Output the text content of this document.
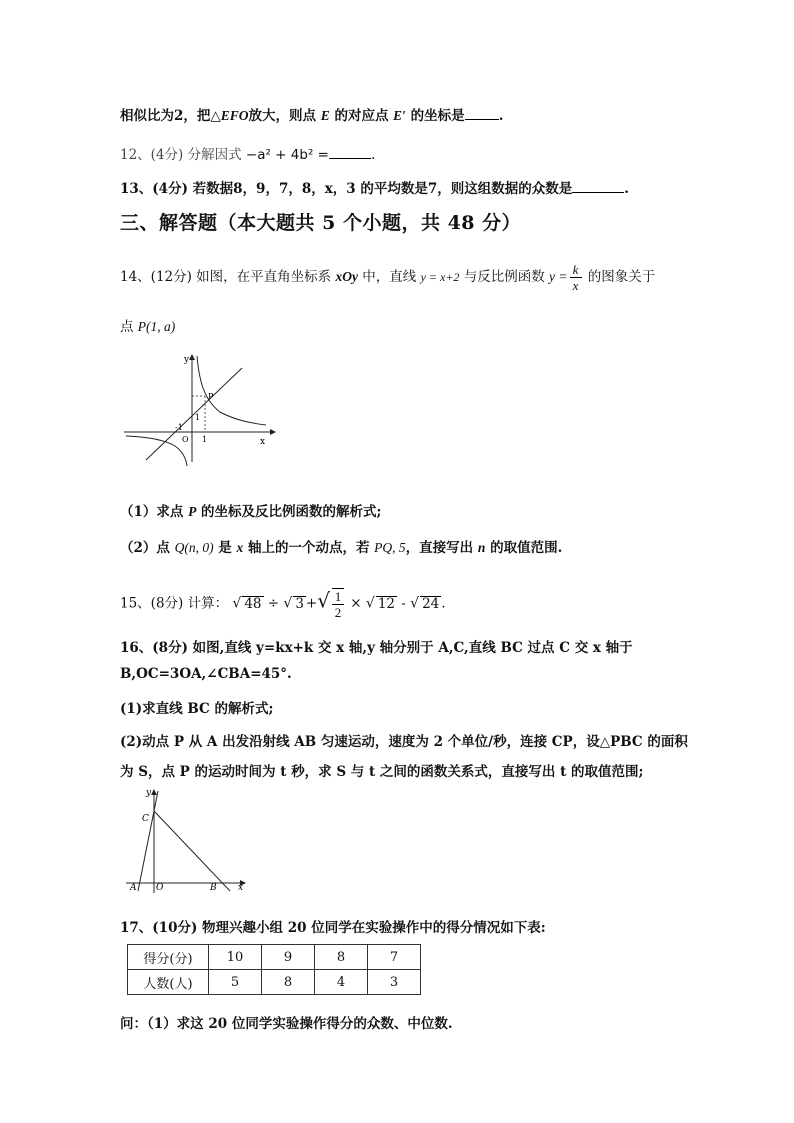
相似比为2，把△EFO放大，则点 E 的对应点 E′ 的坐标是	.
12、(4分) 分解因式 −a² + 4b² =	.
13、(4分) 若数据8，9，7，8，x，3 的平均数是7，则这组数据的众数是	.
三、解答题（本大题共 5 个小题，共 48 分）
14、(12分) 如图，在平直角坐标系 xOy 中，直线 y = x+2 与反比例函数 $y = \frac{k}{x}$ 的图象关于
点 P(1, a)
y
x
P
1
-1
1
O
（1）求点 P 的坐标及反比例函数的解析式;
（2）点 Q(n, 0) 是 x 轴上的一个动点，若 PQ, 5，直接写出 n 的取值范围.
15、(8分) 计算： √ 48 ÷ √ 3 +√ $\frac{1}{2}$ × √ 12 - √ 24 .
16、(8分) 如图,直线 y=kx+k 交 x 轴,y 轴分别于 A,C,直线 BC 过点 C 交 x 轴于
B,OC=3OA,∠CBA=45°.
(1)求直线 BC 的解析式;
(2)动点 P 从 A 出发沿射线 AB 匀速运动，速度为 2 个单位/秒，连接 CP，设△PBC 的面积
为 S，点 P 的运动时间为 t 秒，求 S 与 t 之间的函数关系式，直接写出 t 的取值范围;
y
x
C
A O	B
17、(10分) 物理兴趣小组 20 位同学在实验操作中的得分情况如下表:
得分(分)	10	9	8	7
人数(人)	5	8	4	3
问：（1）求这 20 位同学实验操作得分的众数、中位数.
